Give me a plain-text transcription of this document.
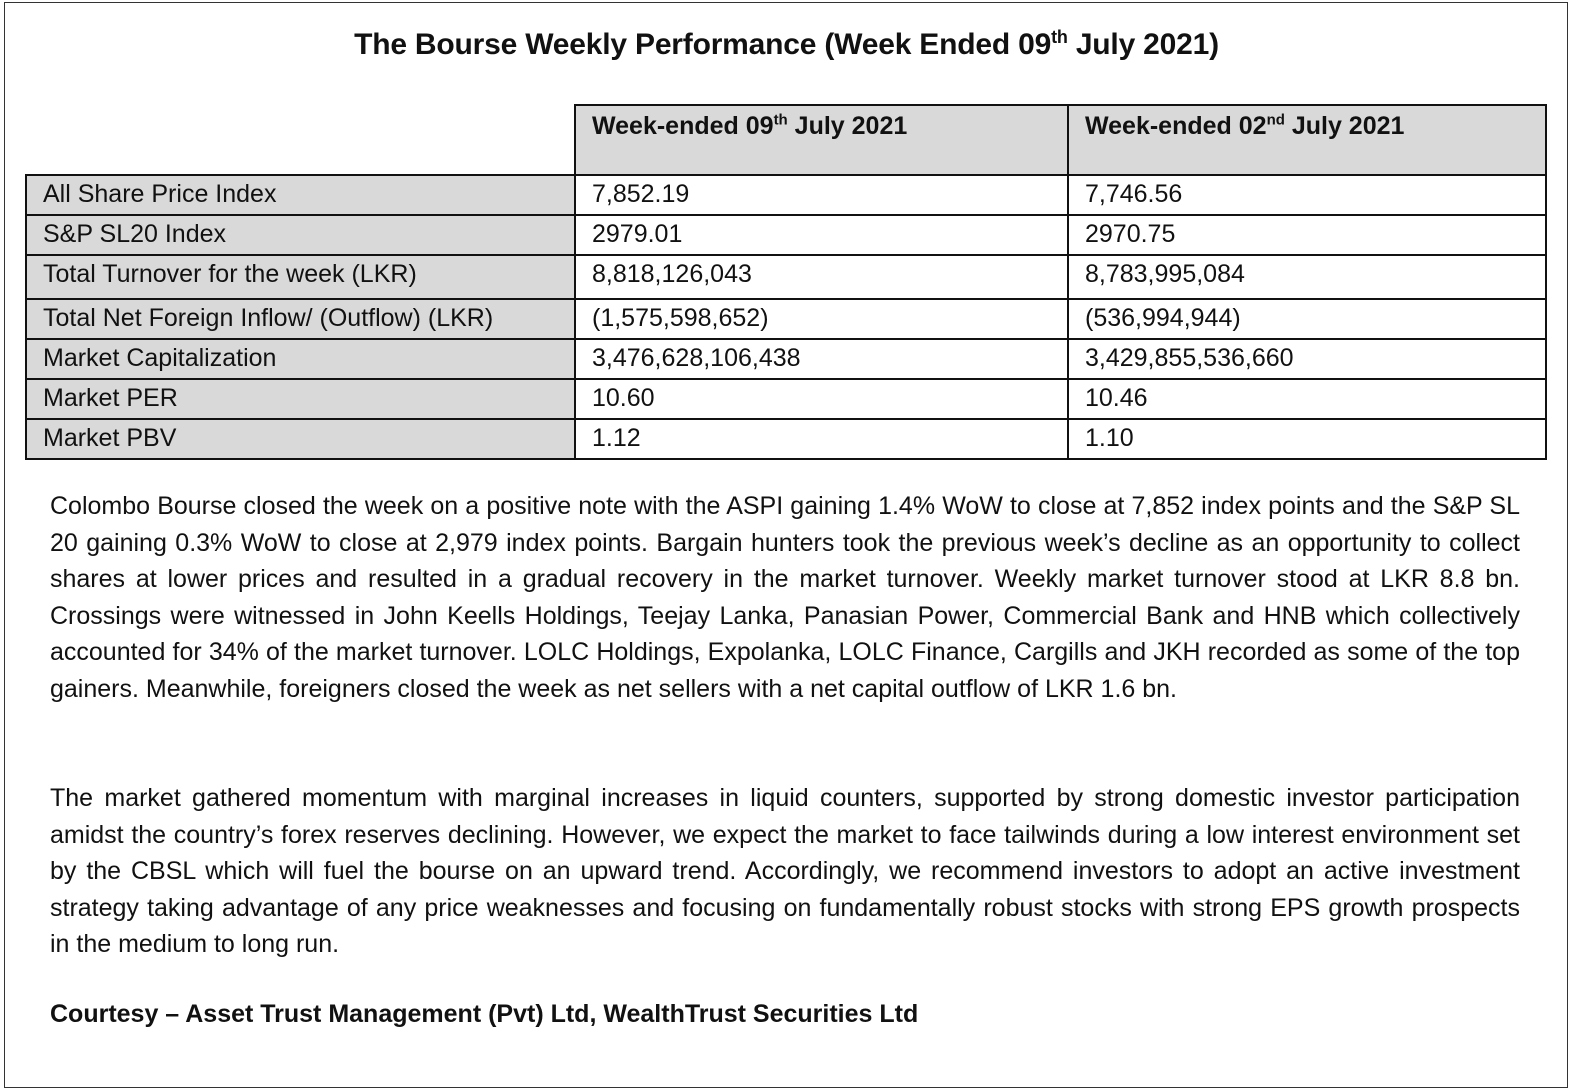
The Bourse Weekly Performance (Week Ended 09th July 2021)
	Week-ended 09th July 2021	Week-ended 02nd July 2021
All Share Price Index	7,852.19	7,746.56
S&P SL20 Index	2979.01	2970.75
Total Turnover for the week (LKR)	8,818,126,043	8,783,995,084
Total Net Foreign Inflow/ (Outflow) (LKR)	(1,575,598,652)	(536,994,944)
Market Capitalization	3,476,628,106,438	3,429,855,536,660
Market PER	10.60	10.46
Market PBV	1.12	1.10

Colombo Bourse closed the week on a positive note with the ASPI gaining 1.4% WoW to close at 7,852 index points and the S&P SL 20 gaining 0.3% WoW to close at 2,979 index points. Bargain hunters took the previous week’s decline as an opportunity to collect shares at lower prices and resulted in a gradual recovery in the market turnover. Weekly market turnover stood at LKR 8.8 bn. Crossings were witnessed in John Keells Holdings, Teejay Lanka, Panasian Power, Commercial Bank and HNB which collectively accounted for 34% of the market turnover. LOLC Holdings, Expolanka, LOLC Finance, Cargills and JKH recorded as some of the top gainers. Meanwhile, foreigners closed the week as net sellers with a net capital outflow of LKR 1.6 bn.

The market gathered momentum with marginal increases in liquid counters, supported by strong domestic investor participation amidst the country’s forex reserves declining. However, we expect the market to face tailwinds during a low interest environment set by the CBSL which will fuel the bourse on an upward trend. Accordingly, we recommend investors to adopt an active investment strategy taking advantage of any price weaknesses and focusing on fundamentally robust stocks with strong EPS growth prospects in the medium to long run.

Courtesy – Asset Trust Management (Pvt) Ltd, WealthTrust Securities Ltd
